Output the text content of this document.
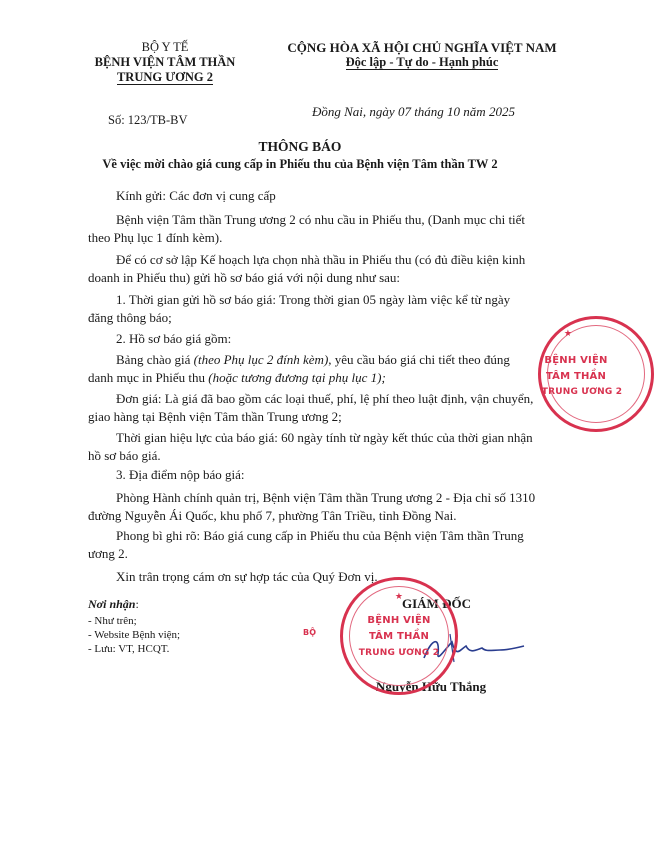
BỘ Y TẾ
BỆNH VIỆN TÂM THẦN
TRUNG ƯƠNG 2
Số: 123/TB-BV
CỘNG HÒA XÃ HỘI CHỦ NGHĨA VIỆT NAM
Độc lập - Tự do - Hạnh phúc
Đồng Nai, ngày 07 tháng 10 năm 2025
THÔNG BÁO
Về việc mời chào giá cung cấp in Phiếu thu của Bệnh viện Tâm thần TW 2
Kính gửi: Các đơn vị cung cấp
Bệnh viện Tâm thần Trung ương 2 có nhu cầu in Phiếu thu, (Danh mục chi tiết theo Phụ lục 1 đính kèm).
Để có cơ sở lập Kế hoạch lựa chọn nhà thầu in Phiếu thu (có đủ điều kiện kinh doanh in Phiếu thu) gửi hồ sơ báo giá với nội dung như sau:
1. Thời gian gửi hồ sơ báo giá: Trong thời gian 05 ngày làm việc kể từ ngày đăng thông báo;
2. Hồ sơ báo giá gồm:
Bảng chào giá (theo Phụ lục 2 đính kèm), yêu cầu báo giá chi tiết theo đúng danh mục in Phiếu thu (hoặc tương đương tại phụ lục 1);
Đơn giá: Là giá đã bao gồm các loại thuế, phí, lệ phí theo luật định, vận chuyển, giao hàng tại Bệnh viện Tâm thần Trung ương 2;
Thời gian hiệu lực của báo giá: 60 ngày tính từ ngày kết thúc của thời gian nhận hồ sơ báo giá.
3. Địa điểm nộp báo giá:
Phòng Hành chính quản trị, Bệnh viện Tâm thần Trung ương 2 - Địa chỉ số 1310 đường Nguyễn Ái Quốc, khu phố 7, phường Tân Triều, tỉnh Đồng Nai.
Phong bì ghi rõ: Báo giá cung cấp in Phiếu thu của Bệnh viện Tâm thần Trung ương 2.
Xin trân trọng cám ơn sự hợp tác của Quý Đơn vị.
Nơi nhận:
- Như trên;
- Website Bệnh viện;
- Lưu: VT, HCQT.
GIÁM ĐỐC
Nguyễn Hữu Thắng
★
BỆNH VIỆN
TÂM THẦN
TRUNG ƯƠNG 2
BỘ
★
BỆNH VIỆN
TÂM THẦN
TRUNG ƯƠNG 2
